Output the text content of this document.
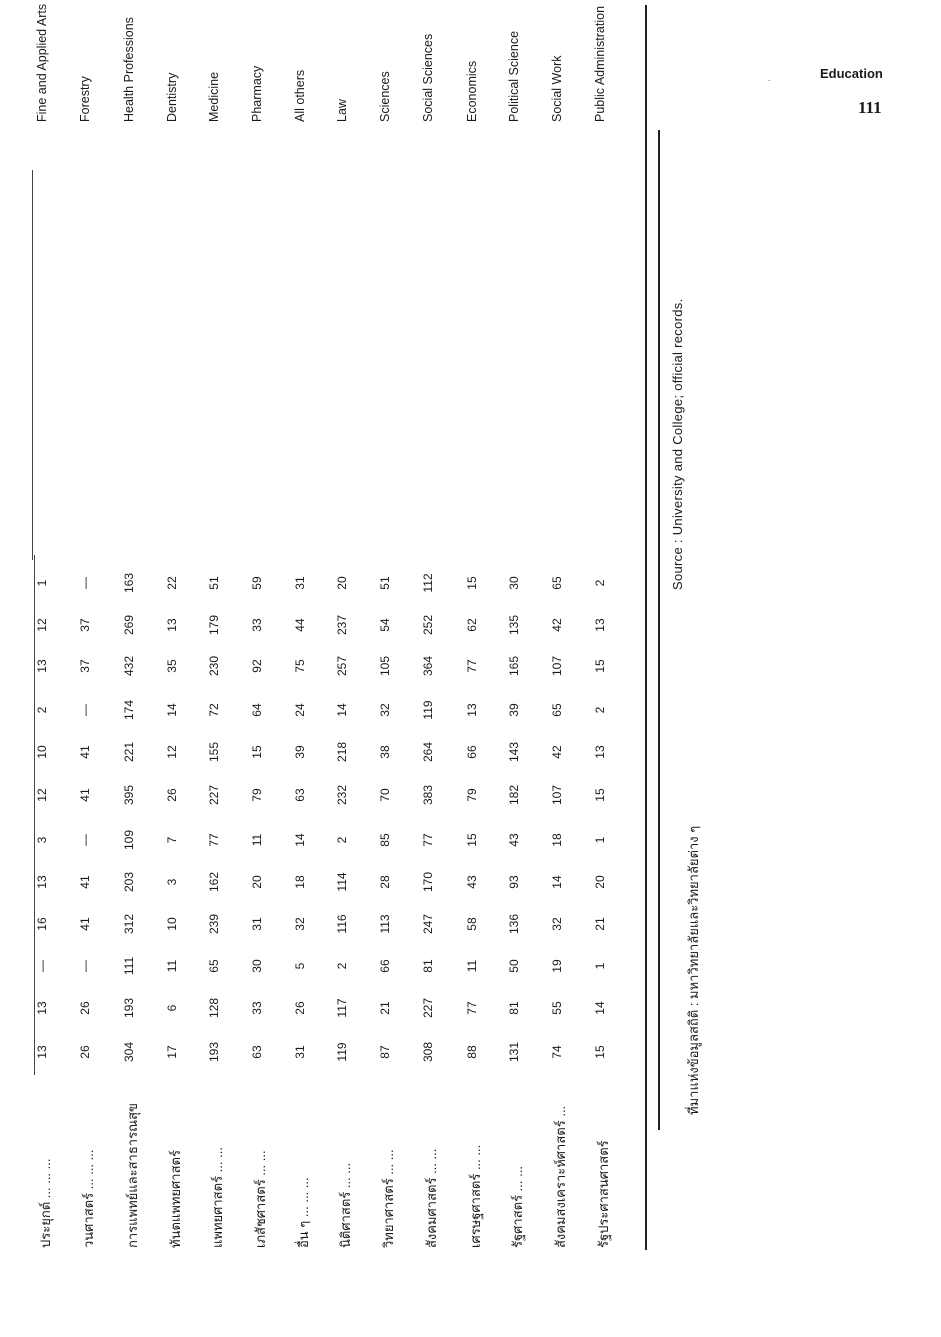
.	Education
111
ประยุกต์ ... ... ...
13
13
—
16
13
3
12
10
2
13
12
1
Fine and Applied Arts
วนศาสตร์ ... ... ...
26
26
—
41
41
—
41
41
—
37
37
—
Forestry
การแพทย์และสาธารณสุข
304
193
111
312
203
109
395
221
174
432
269
163
Health Professions
ทันตแพทยศาสตร์
17
6
11
10
3
7
26
12
14
35
13
22
Dentistry
แพทยศาสตร์ ... ...
193
128
65
239
162
77
227
155
72
230
179
51
Medicine
เภสัชศาสตร์ ... ...
63
33
30
31
20
11
79
15
64
92
33
59
Pharmacy
อื่น ๆ ... ... ...
31
26
5
32
18
14
63
39
24
75
44
31
All others
นิติศาสตร์ ... ...
119
117
2
116
114
2
232
218
14
257
237
20
Law
วิทยาศาสตร์ ... ...
87
21
66
113
28
85
70
38
32
105
54
51
Sciences
สังคมศาสตร์ ... ...
308
227
81
247
170
77
383
264
119
364
252
112
Social Sciences
เศรษฐศาสตร์ ... ...
88
77
11
58
43
15
79
66
13
77
62
15
Economics
รัฐศาสตร์ ... ...
131
81
50
136
93
43
182
143
39
165
135
30
Political Science
สังคมสงเคราะห์ศาสตร์ ...
74
55
19
32
14
18
107
42
65
107
42
65
Social Work
รัฐประศาสนศาสตร์
15
14
1
21
20
1
15
13
2
15
13
2
Public Administration
ที่มาแห่งข้อมูลสถิติ : มหาวิทยาลัยและวิทยาลัยต่าง ๆ
Source : University and College; official records.
